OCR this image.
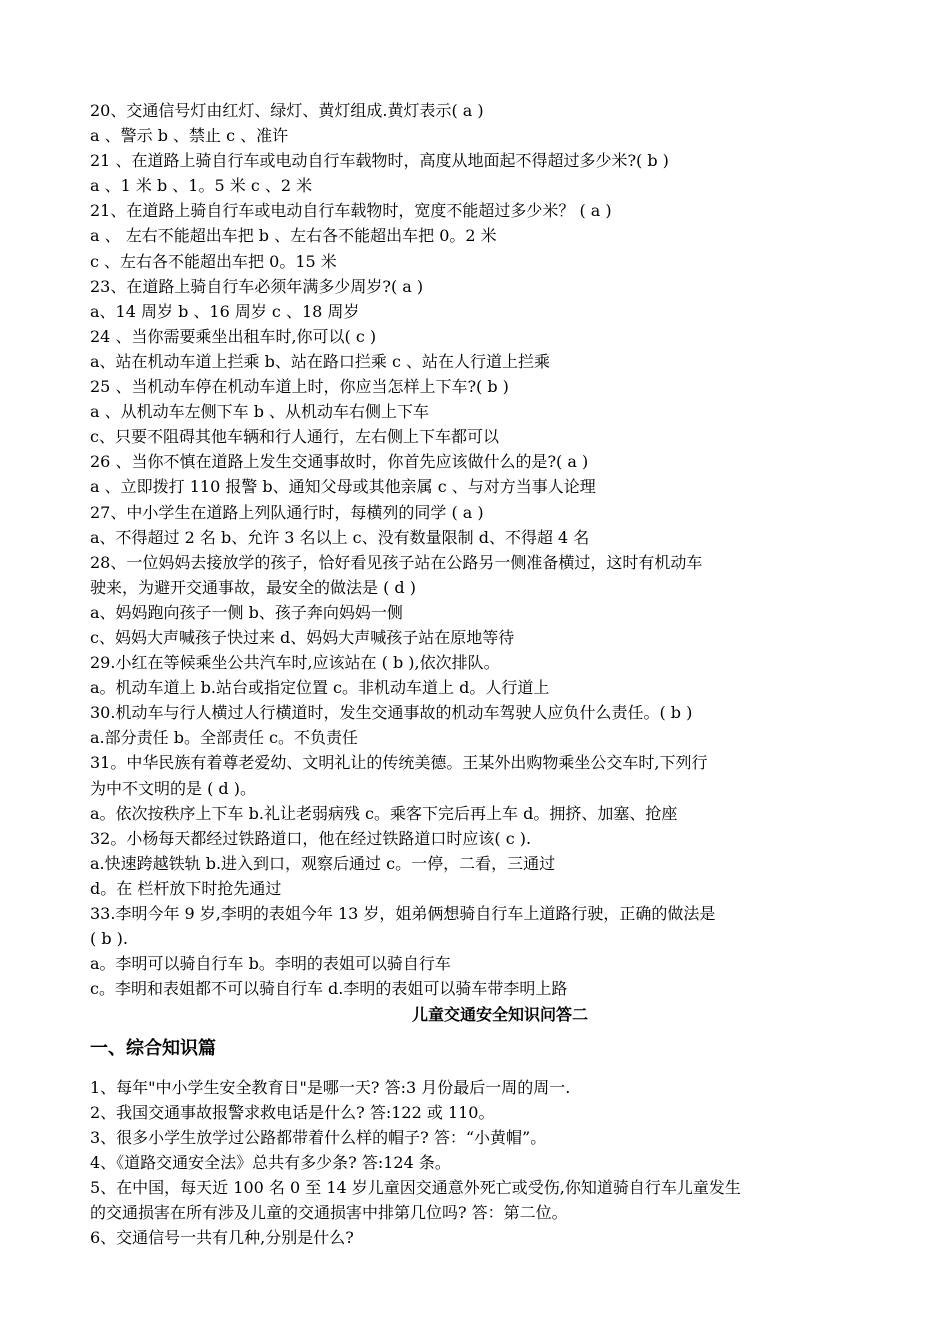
20、交通信号灯由红灯、绿灯、黄灯组成.黄灯表示( a )
a 、警示 b 、禁止 c 、准许
21 、在道路上骑自行车或电动自行车载物时，高度从地面起不得超过多少米?( b )
a 、1 米 b 、1。5 米 c 、2 米
21、在道路上骑自行车或电动自行车载物时，宽度不能超过多少米？ ( a )
a 、 左右不能超出车把 b 、左右各不能超出车把 0。2 米
c 、左右各不能超出车把 0。15 米
23、在道路上骑自行车必须年满多少周岁?( a )
a、14 周岁 b 、16 周岁 c 、18 周岁
24 、当你需要乘坐出租车时,你可以( c )
a、站在机动车道上拦乘 b、站在路口拦乘 c 、站在人行道上拦乘
25 、当机动车停在机动车道上时，你应当怎样上下车?( b )
a 、从机动车左侧下车 b 、从机动车右侧上下车
c、只要不阻碍其他车辆和行人通行，左右侧上下车都可以
26 、当你不慎在道路上发生交通事故时，你首先应该做什么的是?( a )
a 、立即拨打 110 报警 b、通知父母或其他亲属 c 、与对方当事人论理
27、中小学生在道路上列队通行时，每横列的同学 ( a )
a、不得超过 2 名 b、允许 3 名以上 c、没有数量限制 d、不得超 4 名
28、一位妈妈去接放学的孩子，恰好看见孩子站在公路另一侧准备横过，这时有机动车
驶来，为避开交通事故，最安全的做法是 ( d )
a、妈妈跑向孩子一侧 b、孩子奔向妈妈一侧
c、妈妈大声喊孩子快过来 d、妈妈大声喊孩子站在原地等待
29.小红在等候乘坐公共汽车时,应该站在 ( b ),依次排队。
a。机动车道上 b.站台或指定位置 c。非机动车道上 d。人行道上
30.机动车与行人横过人行横道时，发生交通事故的机动车驾驶人应负什么责任。( b )
a.部分责任 b。全部责任 c。不负责任
31。中华民族有着尊老爱幼、文明礼让的传统美德。王某外出购物乘坐公交车时,下列行
为中不文明的是 ( d )。
a。依次按秩序上下车 b.礼让老弱病残 c。乘客下完后再上车 d。拥挤、加塞、抢座
32。小杨每天都经过铁路道口，他在经过铁路道口时应该( c ).
a.快速跨越铁轨 b.进入到口，观察后通过 c。一停，二看，三通过
d。在 栏杆放下时抢先通过
33.李明今年 9 岁,李明的表姐今年 13 岁，姐弟俩想骑自行车上道路行驶，正确的做法是
( b ).
a。李明可以骑自行车 b。李明的表姐可以骑自行车
c。李明和表姐都不可以骑自行车 d.李明的表姐可以骑车带李明上路
儿童交通安全知识问答二
一、综合知识篇
1、每年"中小学生安全教育日"是哪一天? 答:3 月份最后一周的周一.
2、我国交通事故报警求救电话是什么? 答:122 或 110。
3、很多小学生放学过公路都带着什么样的帽子? 答：“小黄帽”。
4、《道路交通安全法》总共有多少条? 答:124 条。
5、在中国，每天近 100 名 0 至 14 岁儿童因交通意外死亡或受伤,你知道骑自行车儿童发生
的交通损害在所有涉及儿童的交通损害中排第几位吗? 答：第二位。
6、交通信号一共有几种,分别是什么?
